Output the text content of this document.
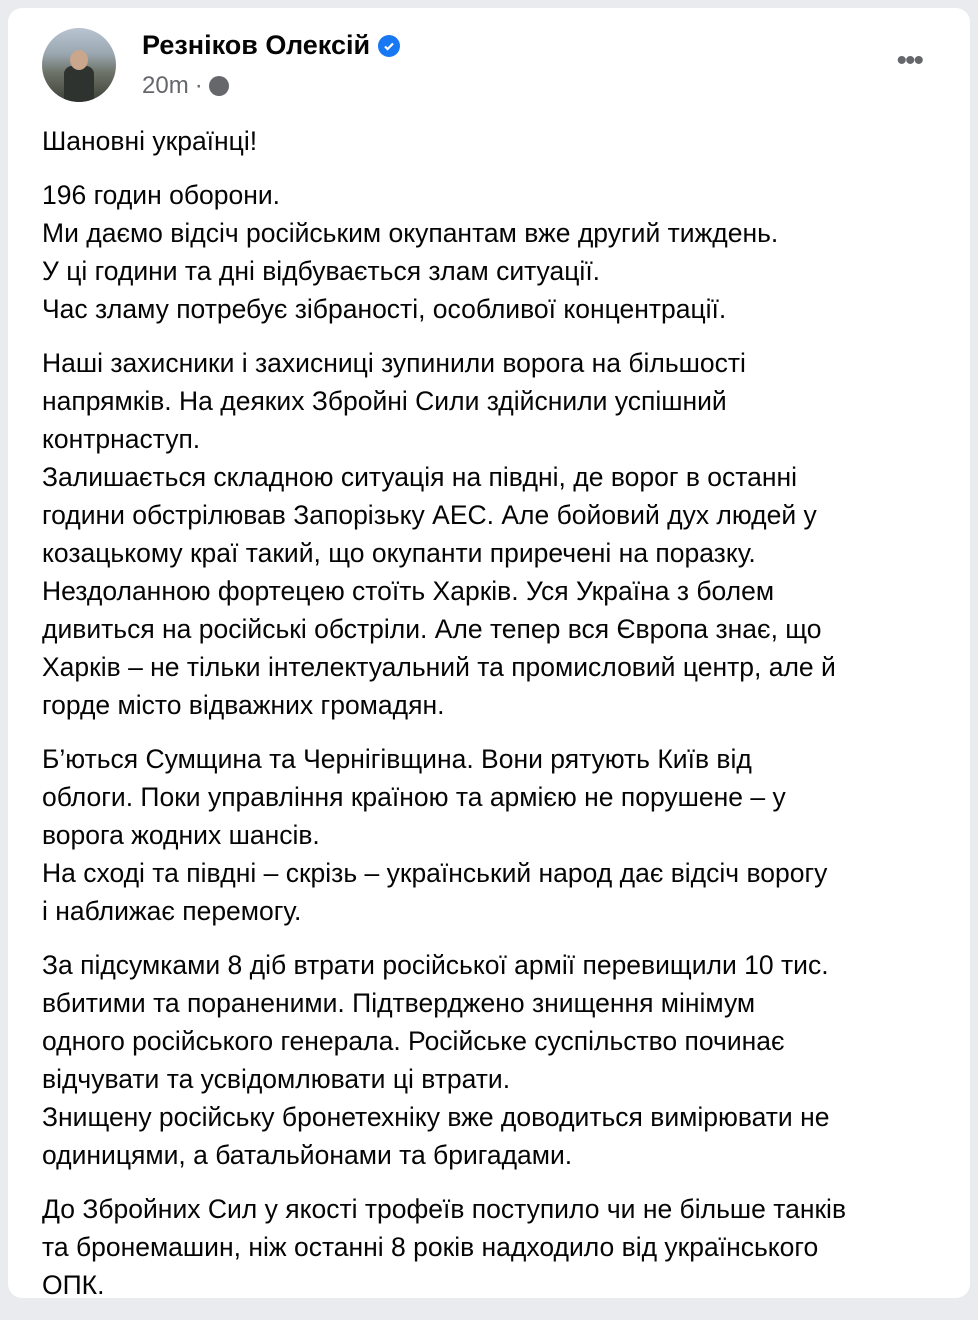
Резніков Олексій
20m ·
•••
Шановні українці!
196 годин оборони.
Ми даємо відсіч російським окупантам вже другий тиждень.
У ці години та дні відбувається злам ситуації.
Час зламу потребує зібраності, особливої концентрації.
Наші захисники і захисниці зупинили ворога на більшості
напрямків. На деяких Збройні Сили здійснили успішний
контрнаступ.
Залишається складною ситуація на півдні, де ворог в останні
години обстрілював Запорізьку АЕС. Але бойовий дух людей у
козацькому краї такий, що окупанти приречені на поразку.
Нездоланною фортецею стоїть Харків. Уся Україна з болем
дивиться на російські обстріли. Але тепер вся Європа знає, що
Харків – не тільки інтелектуальний та промисловий центр, але й
горде місто відважних громадян.
Б’ються Сумщина та Чернігівщина. Вони рятують Київ від
облоги. Поки управління країною та армією не порушене – у
ворога жодних шансів.
На сході та півдні – скрізь – український народ дає відсіч ворогу
і наближає перемогу.
За підсумками 8 діб втрати російської армії перевищили 10 тис.
вбитими та пораненими. Підтверджено знищення мінімум
одного російського генерала. Російське суспільство починає
відчувати та усвідомлювати ці втрати.
Знищену російську бронетехніку вже доводиться вимірювати не
одиницями, а батальйонами та бригадами.
До Збройних Сил у якості трофеїв поступило чи не більше танків
та бронемашин, ніж останні 8 років надходило від українського
ОПК.
